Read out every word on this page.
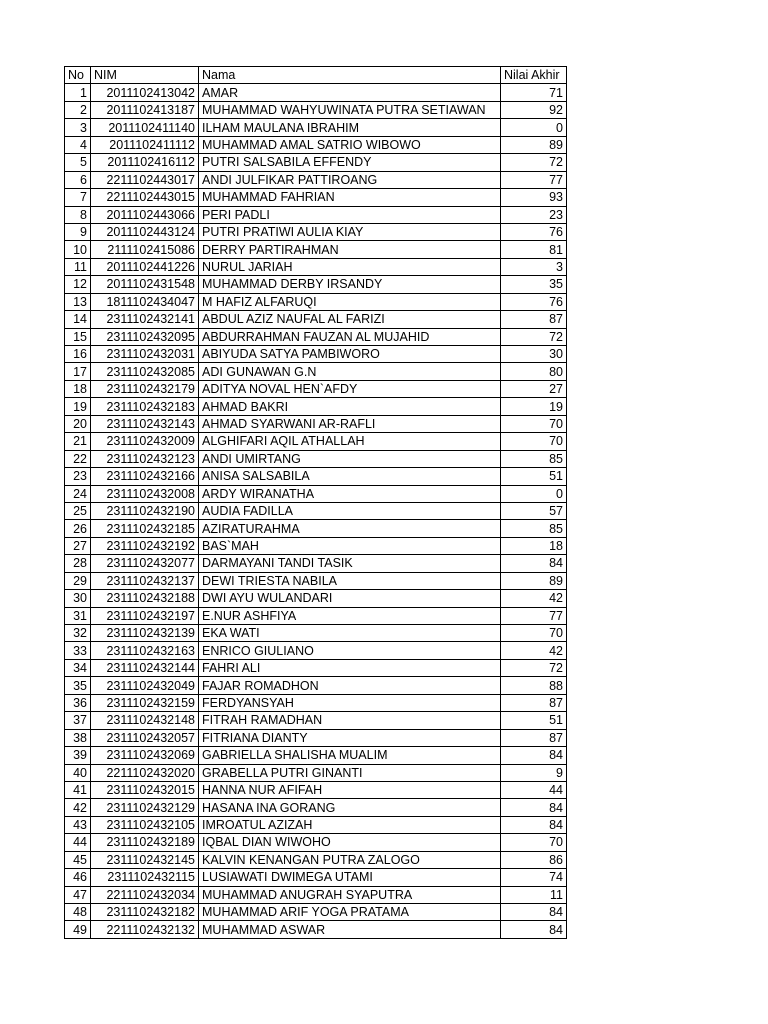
No	NIM	Nama	Nilai Akhir
1	2011102413042	AMAR	71
2	2011102413187	MUHAMMAD WAHYUWINATA PUTRA SETIAWAN	92
3	2011102411140	ILHAM MAULANA IBRAHIM	0
4	2011102411112	MUHAMMAD AMAL SATRIO WIBOWO	89
5	2011102416112	PUTRI SALSABILA EFFENDY	72
6	2211102443017	ANDI JULFIKAR PATTIROANG	77
7	2211102443015	MUHAMMAD FAHRIAN	93
8	2011102443066	PERI PADLI	23
9	2011102443124	PUTRI PRATIWI AULIA KIAY	76
10	2111102415086	DERRY PARTIRAHMAN	81
11	2011102441226	NURUL JARIAH	3
12	2011102431548	MUHAMMAD DERBY IRSANDY	35
13	1811102434047	M HAFIZ ALFARUQI	76
14	2311102432141	ABDUL AZIZ NAUFAL AL FARIZI	87
15	2311102432095	ABDURRAHMAN FAUZAN AL MUJAHID	72
16	2311102432031	ABIYUDA SATYA PAMBIWORO	30
17	2311102432085	ADI GUNAWAN G.N	80
18	2311102432179	ADITYA NOVAL HEN`AFDY	27
19	2311102432183	AHMAD BAKRI	19
20	2311102432143	AHMAD SYARWANI AR-RAFLI	70
21	2311102432009	ALGHIFARI AQIL ATHALLAH	70
22	2311102432123	ANDI UMIRTANG	85
23	2311102432166	ANISA SALSABILA	51
24	2311102432008	ARDY WIRANATHA	0
25	2311102432190	AUDIA FADILLA	57
26	2311102432185	AZIRATURAHMA	85
27	2311102432192	BAS`MAH	18
28	2311102432077	DARMAYANI TANDI TASIK	84
29	2311102432137	DEWI TRIESTA NABILA	89
30	2311102432188	DWI AYU WULANDARI	42
31	2311102432197	E.NUR ASHFIYA	77
32	2311102432139	EKA WATI	70
33	2311102432163	ENRICO GIULIANO	42
34	2311102432144	FAHRI ALI	72
35	2311102432049	FAJAR ROMADHON	88
36	2311102432159	FERDYANSYAH	87
37	2311102432148	FITRAH RAMADHAN	51
38	2311102432057	FITRIANA DIANTY	87
39	2311102432069	GABRIELLA SHALISHA MUALIM	84
40	2211102432020	GRABELLA PUTRI GINANTI	9
41	2311102432015	HANNA NUR AFIFAH	44
42	2311102432129	HASANA INA GORANG	84
43	2311102432105	IMROATUL AZIZAH	84
44	2311102432189	IQBAL DIAN WIWOHO	70
45	2311102432145	KALVIN KENANGAN PUTRA ZALOGO	86
46	2311102432115	LUSIAWATI DWIMEGA UTAMI	74
47	2211102432034	MUHAMMAD ANUGRAH SYAPUTRA	11
48	2311102432182	MUHAMMAD ARIF YOGA PRATAMA	84
49	2211102432132	MUHAMMAD ASWAR	84
